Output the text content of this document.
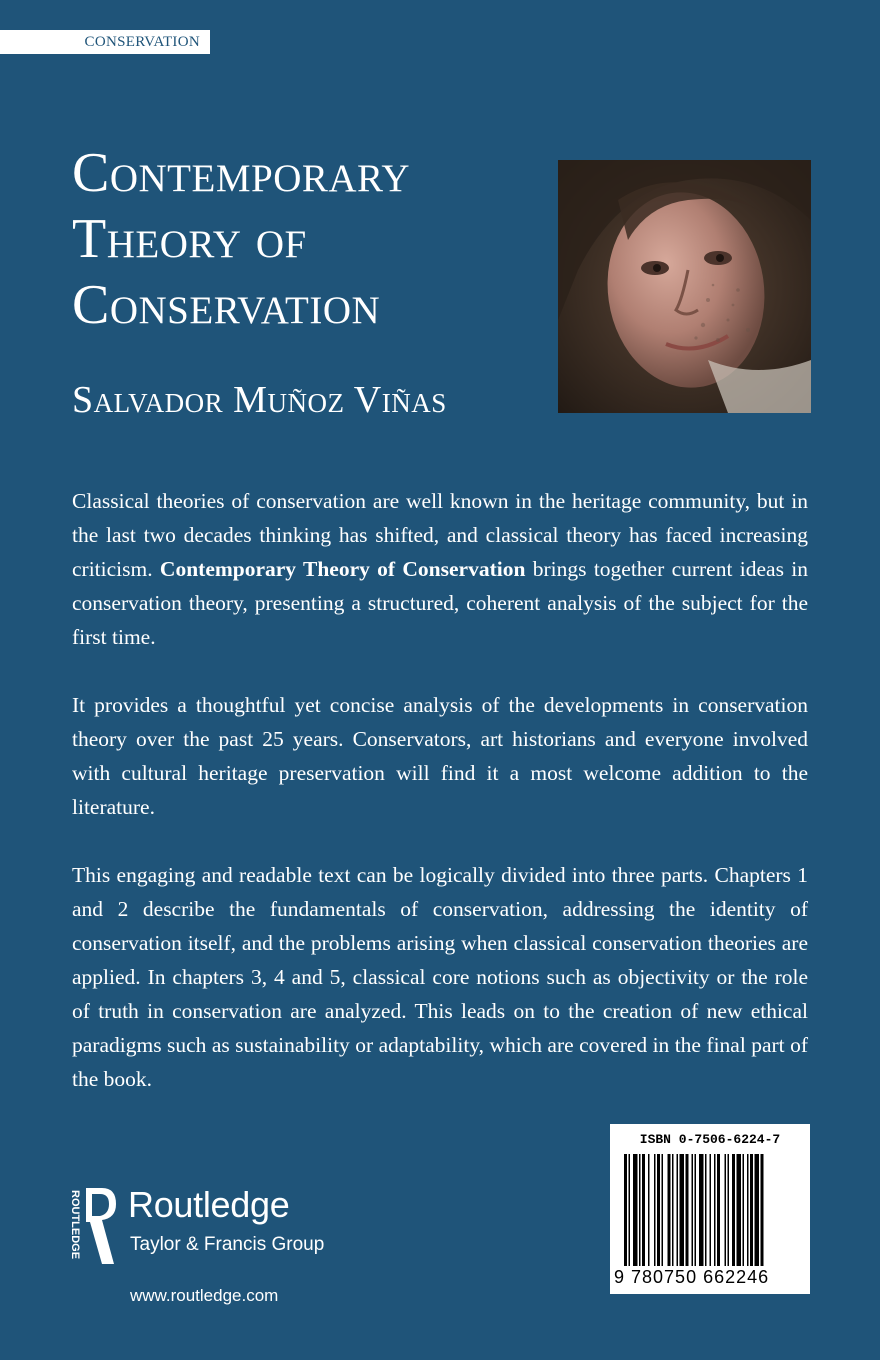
CONSERVATION
Contemporary
Theory of
Conservation
Salvador Muñoz Viñas

Classical theories of conservation are well known in the heritage community, but in the last two decades thinking has shifted, and classical theory has faced increasing criticism. Contemporary Theory of Conservation brings together current ideas in conservation theory, presenting a structured, coherent analysis of the subject for the first time.

It provides a thoughtful yet concise analysis of the developments in conservation theory over the past 25 years. Conservators, art historians and everyone involved with cultural heritage preservation will find it a most welcome addition to the literature.

This engaging and readable text can be logically divided into three parts. Chapters 1 and 2 describe the fundamentals of conservation, addressing the identity of conservation itself, and the problems arising when classical conservation theories are applied. In chapters 3, 4 and 5, classical core notions such as objectivity or the role of truth in conservation are analyzed. This leads on to the creation of new ethical paradigms such as sustainability or adaptability, which are covered in the final part of the book.

ROUTLEDGE Routledge
Taylor & Francis Group
www.routledge.com
ISBN 0-7506-6224-7
9 780750 662246
